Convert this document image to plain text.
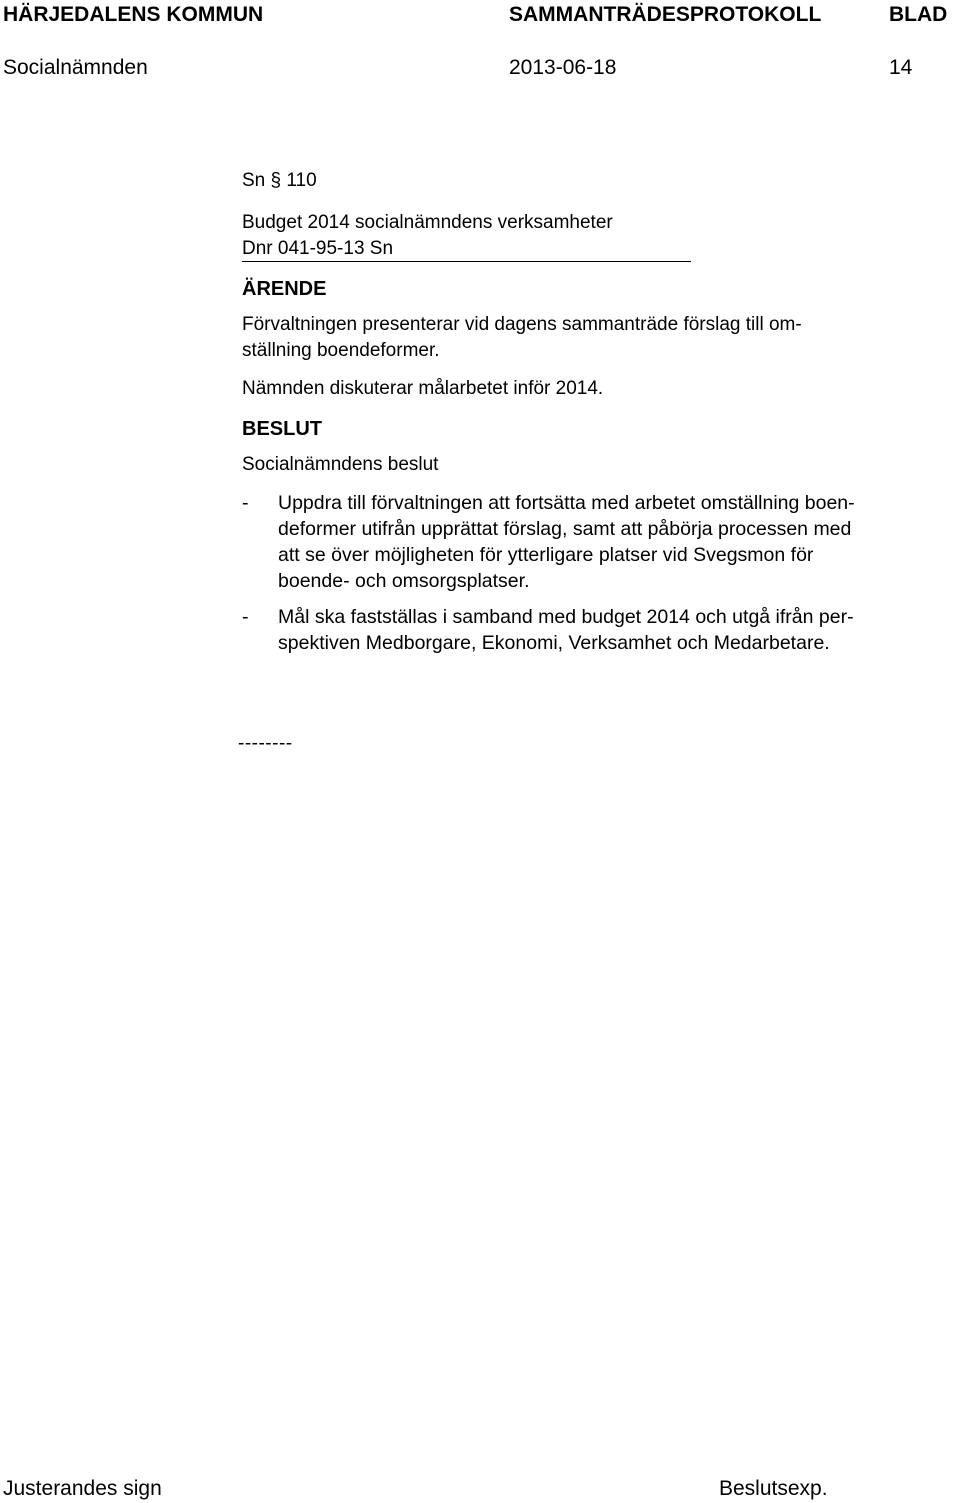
HÄRJEDALENS KOMMUN	SAMMANTRÄDESPROTOKOLL	BLAD
Socialnämnden	2013-06-18	14

Sn § 110

Budget 2014 socialnämndens verksamheter

Dnr 041-95-13 Sn

ÄRENDE

Förvaltningen presenterar vid dagens sammanträde förslag till om-
ställning boendeformer.

Nämnden diskuterar målarbetet inför 2014.

BESLUT

Socialnämndens beslut

- Uppdra till förvaltningen att fortsätta med arbetet omställning boen-
deformer utifrån upprättat förslag, samt att påbörja processen med
att se över möjligheten för ytterligare platser vid Svegsmon för
boende- och omsorgsplatser.
- Mål ska fastställas i samband med budget 2014 och utgå ifrån per-
spektiven Medborgare, Ekonomi, Verksamhet och Medarbetare.
--------
Justerandes sign	Beslutsexp.
